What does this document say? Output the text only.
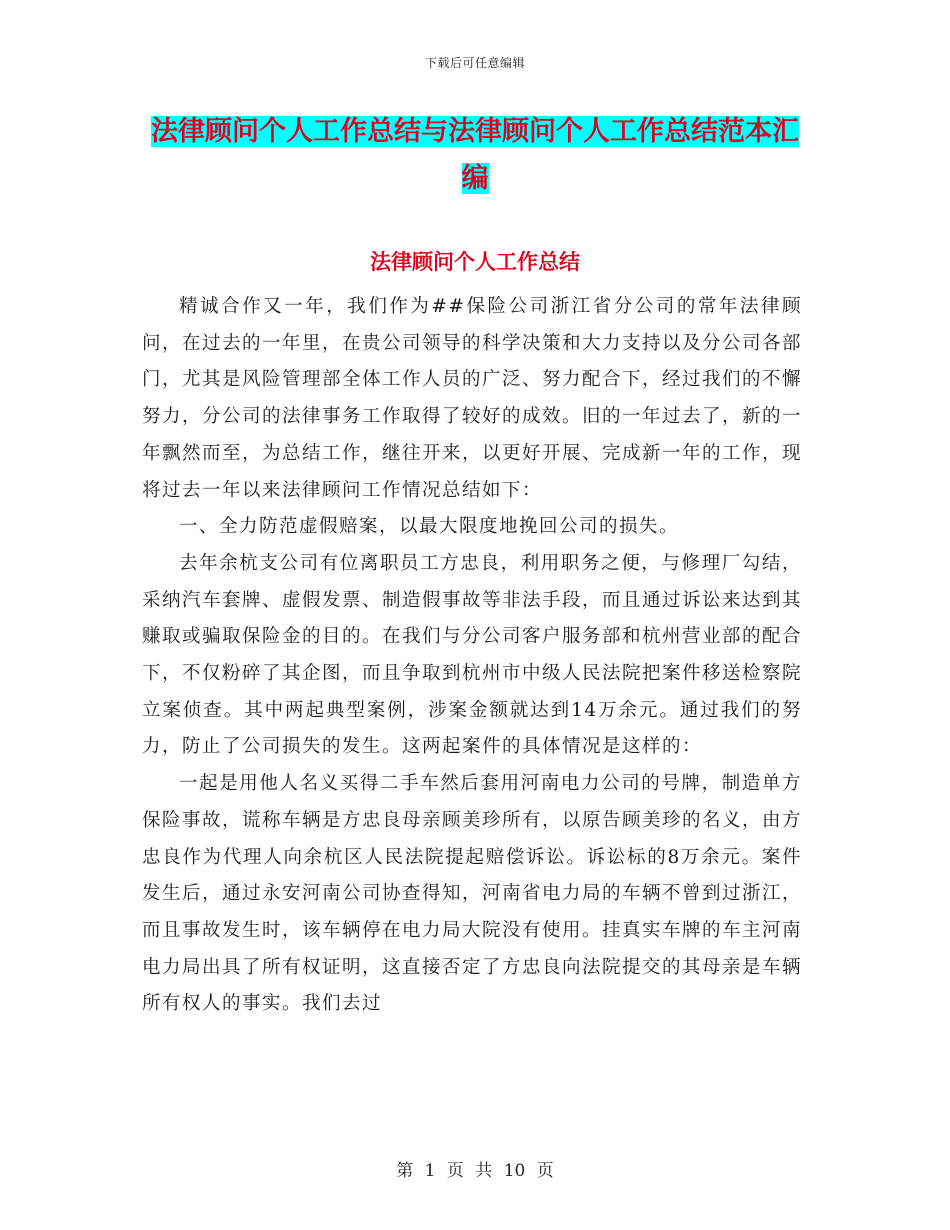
下载后可任意编辑
法律顾问个人工作总结与法律顾问个人工作总结范本汇编
法律顾问个人工作总结

精诚合作又一年，我们作为##保险公司浙江省分公司的常年法律顾问，在过去的一年里，在贵公司领导的科学决策和大力支持以及分公司各部门，尤其是风险管理部全体工作人员的广泛、努力配合下，经过我们的不懈努力，分公司的法律事务工作取得了较好的成效。旧的一年过去了，新的一年飘然而至，为总结工作，继往开来，以更好开展、完成新一年的工作，现将过去一年以来法律顾问工作情况总结如下：

一、全力防范虚假赔案，以最大限度地挽回公司的损失。

去年余杭支公司有位离职员工方忠良，利用职务之便，与修理厂勾结，采纳汽车套牌、虚假发票、制造假事故等非法手段，而且通过诉讼来达到其赚取或骗取保险金的目的。在我们与分公司客户服务部和杭州营业部的配合下，不仅粉碎了其企图，而且争取到杭州市中级人民法院把案件移送检察院立案侦查。其中两起典型案例，涉案金额就达到14万余元。通过我们的努力，防止了公司损失的发生。这两起案件的具体情况是这样的：

一起是用他人名义买得二手车然后套用河南电力公司的号牌，制造单方保险事故，谎称车辆是方忠良母亲顾美珍所有，以原告顾美珍的名义，由方忠良作为代理人向余杭区人民法院提起赔偿诉讼。诉讼标的8万余元。案件发生后，通过永安河南公司协查得知，河南省电力局的车辆不曾到过浙江，而且事故发生时，该车辆停在电力局大院没有使用。挂真实车牌的车主河南电力局出具了所有权证明，这直接否定了方忠良向法院提交的其母亲是车辆所有权人的事实。我们去过

第 1 页 共 10 页
